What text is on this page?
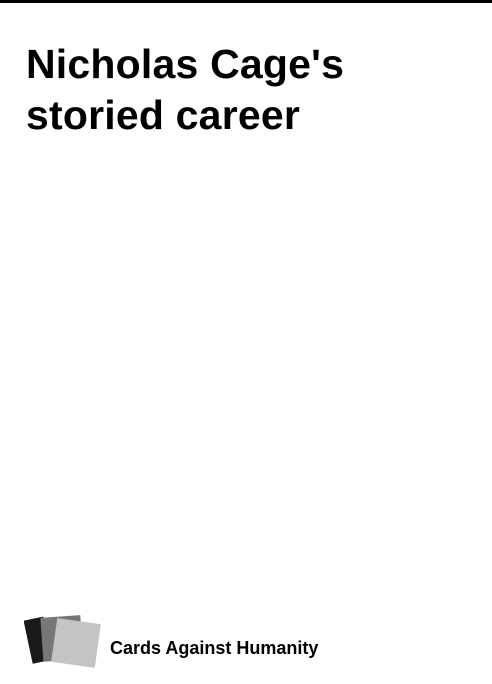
Nicholas Cage's storied career

Cards Against Humanity
